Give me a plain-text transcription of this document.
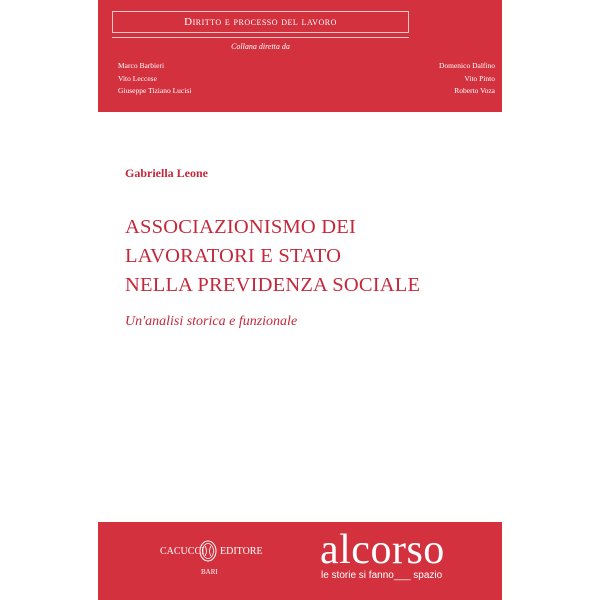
Diritto e processo del lavoro
Collana diretta da
Marco Barbieri
Vito Leccese
Giuseppe Tiziano Lucisi
Domenico Dalfino
Vito Pinto
Roberto Voza
Gabriella Leone
ASSOCIAZIONISMO DEI
LAVORATORI E STATO
NELLA PREVIDENZA SOCIALE
Un'analisi storica e funzionale
CACUCCI EDITORE
BARI alcorso
le storie si fanno___ spazio
